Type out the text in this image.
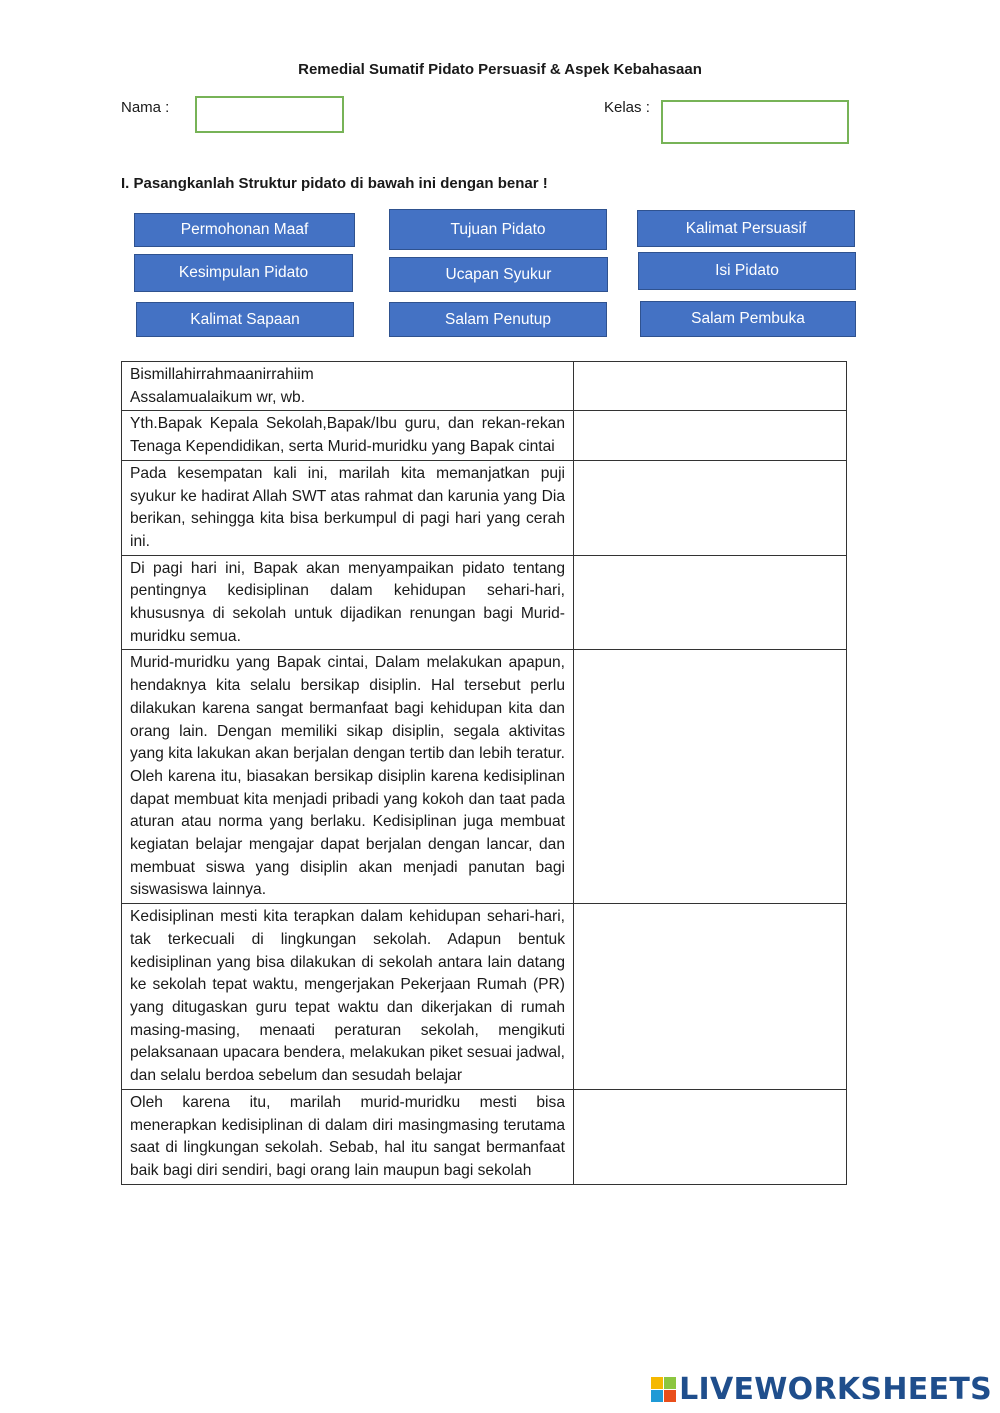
Remedial Sumatif Pidato Persuasif & Aspek Kebahasaan
Nama :	Kelas :
I. Pasangkanlah Struktur pidato di bawah ini dengan benar !
Permohonan Maaf	Tujuan Pidato	Kalimat Persuasif
Kesimpulan Pidato	Ucapan Syukur	Isi Pidato
Kalimat Sapaan	Salam Penutup	Salam Pembuka
Bismillahirrahmaanirrahiim
Assalamualaikum wr, wb.	

Yth.Bapak Kepala Sekolah,Bapak/Ibu guru, dan rekan-rekan Tenaga Kependidikan, serta Murid-muridku yang Bapak cintai	
Pada kesempatan kali ini, marilah kita memanjatkan puji syukur ke hadirat Allah SWT atas rahmat dan karunia yang Dia berikan, sehingga kita bisa berkumpul di pagi hari yang cerah ini.	
Di pagi hari ini, Bapak akan menyampaikan pidato tentang pentingnya kedisiplinan dalam kehidupan sehari-hari, khususnya di sekolah untuk dijadikan renungan bagi Murid-muridku semua.	
Murid-muridku yang Bapak cintai, Dalam melakukan apapun, hendaknya kita selalu bersikap disiplin. Hal tersebut perlu dilakukan karena sangat bermanfaat bagi kehidupan kita dan orang lain. Dengan memiliki sikap disiplin, segala aktivitas yang kita lakukan akan berjalan dengan tertib dan lebih teratur. Oleh karena itu, biasakan bersikap disiplin karena kedisiplinan dapat membuat kita menjadi pribadi yang kokoh dan taat pada aturan atau norma yang berlaku. Kedisiplinan juga membuat kegiatan belajar mengajar dapat berjalan dengan lancar, dan membuat siswa yang disiplin akan menjadi panutan bagi siswasiswa lainnya.	
Kedisiplinan mesti kita terapkan dalam kehidupan sehari-hari, tak terkecuali di lingkungan sekolah. Adapun bentuk kedisiplinan yang bisa dilakukan di sekolah antara lain datang ke sekolah tepat waktu, mengerjakan Pekerjaan Rumah (PR) yang ditugaskan guru tepat waktu dan dikerjakan di rumah masing-masing, menaati peraturan sekolah, mengikuti pelaksanaan upacara bendera, melakukan piket sesuai jadwal, dan selalu berdoa sebelum dan sesudah belajar	
Oleh karena itu, marilah murid-muridku mesti bisa menerapkan kedisiplinan di dalam diri masingmasing terutama saat di lingkungan sekolah. Sebab, hal itu sangat bermanfaat baik bagi diri sendiri, bagi orang lain maupun bagi sekolah	
LIVEWORKSHEETS
